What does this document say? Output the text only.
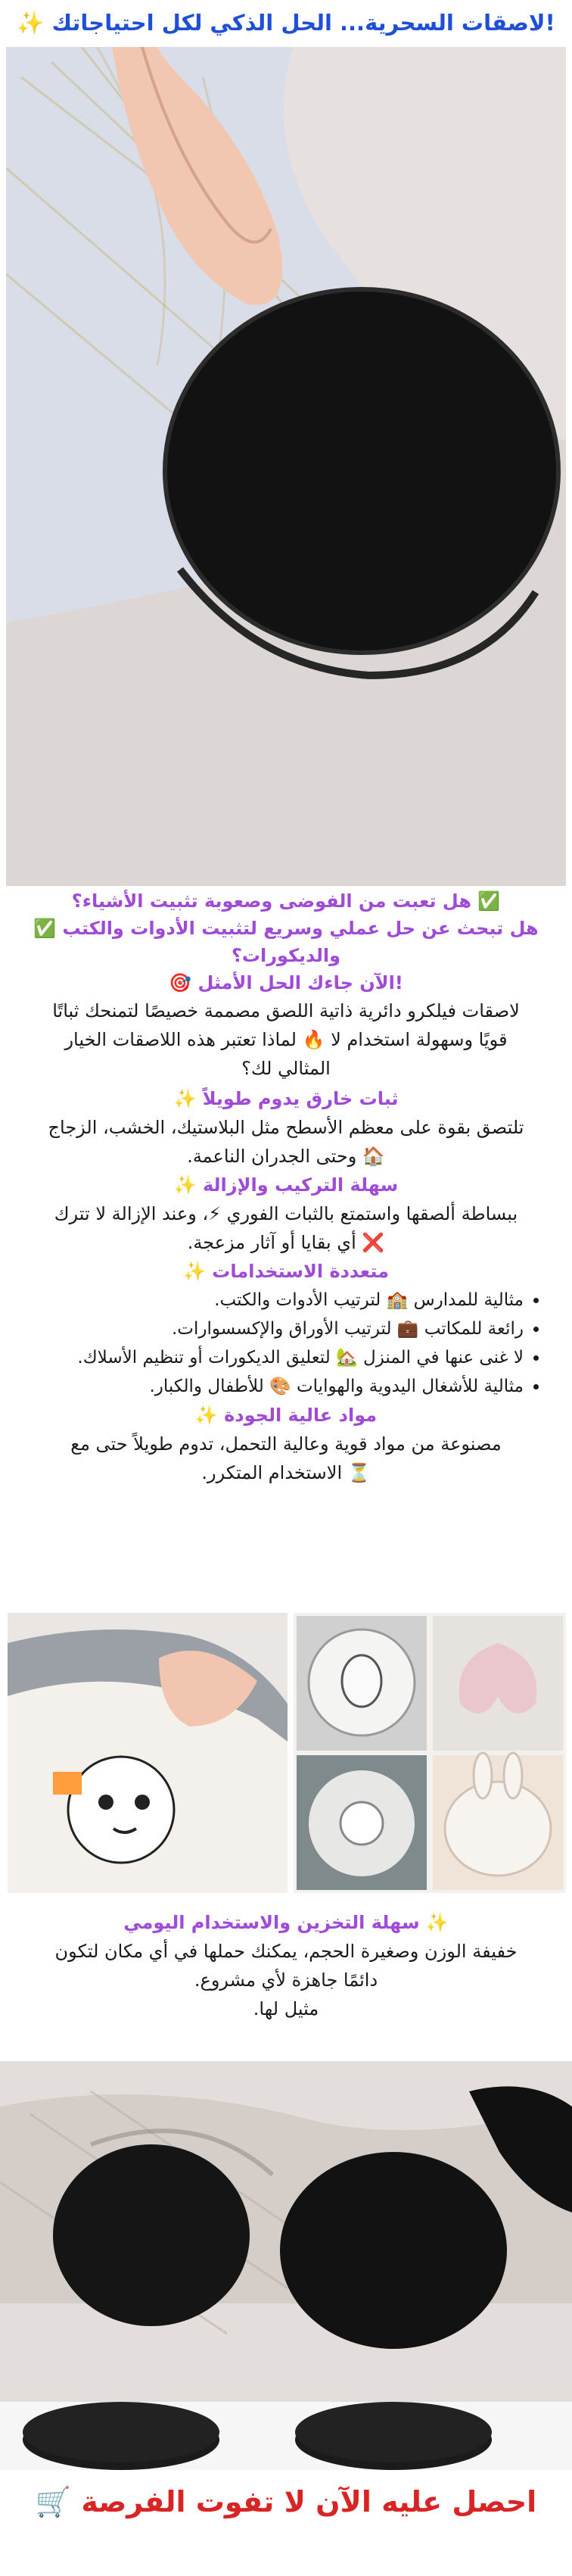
!لاصقات السحرية... الحل الذكي لكل احتياجاتك ✨
✅ هل تعبت من الفوضى وصعوبة تثبيت الأشياء؟
هل تبحث عن حل عملي وسريع لتثبيت الأدوات والكتب ✅
والديكورات؟
!الآن جاءك الحل الأمثل 🎯
لاصقات فيلكرو دائرية ذاتية اللصق مصممة خصيصًا لتمنحك ثباتًا
قويًا وسهولة استخدام لا 🔥 لماذا تعتبر هذه اللاصقات الخيار
المثالي لك؟
ثبات خارق يدوم طويلاً ✨
تلتصق بقوة على معظم الأسطح مثل البلاستيك، الخشب، الزجاج
🏠 وحتى الجدران الناعمة.
سهلة التركيب والإزالة ✨
ببساطة ألصقها واستمتع بالثبات الفوري ⚡، وعند الإزالة لا تترك
❌ أي بقايا أو آثار مزعجة.
متعددة الاستخدامات ✨
• مثالية للمدارس 🏫 لترتيب الأدوات والكتب.
• رائعة للمكاتب 💼 لترتيب الأوراق والإكسسوارات.
• لا غنى عنها في المنزل 🏡 لتعليق الديكورات أو تنظيم الأسلاك.
• مثالية للأشغال اليدوية والهوايات 🎨 للأطفال والكبار.
مواد عالية الجودة ✨
مصنوعة من مواد قوية وعالية التحمل، تدوم طويلاً حتى مع
⏳ الاستخدام المتكرر.
✨ سهلة التخزين والاستخدام اليومي
خفيفة الوزن وصغيرة الحجم، يمكنك حملها في أي مكان لتكون
دائمًا جاهزة لأي مشروع.
مثيل لها.
احصل عليه الآن لا تفوت الفرصة 🛒
